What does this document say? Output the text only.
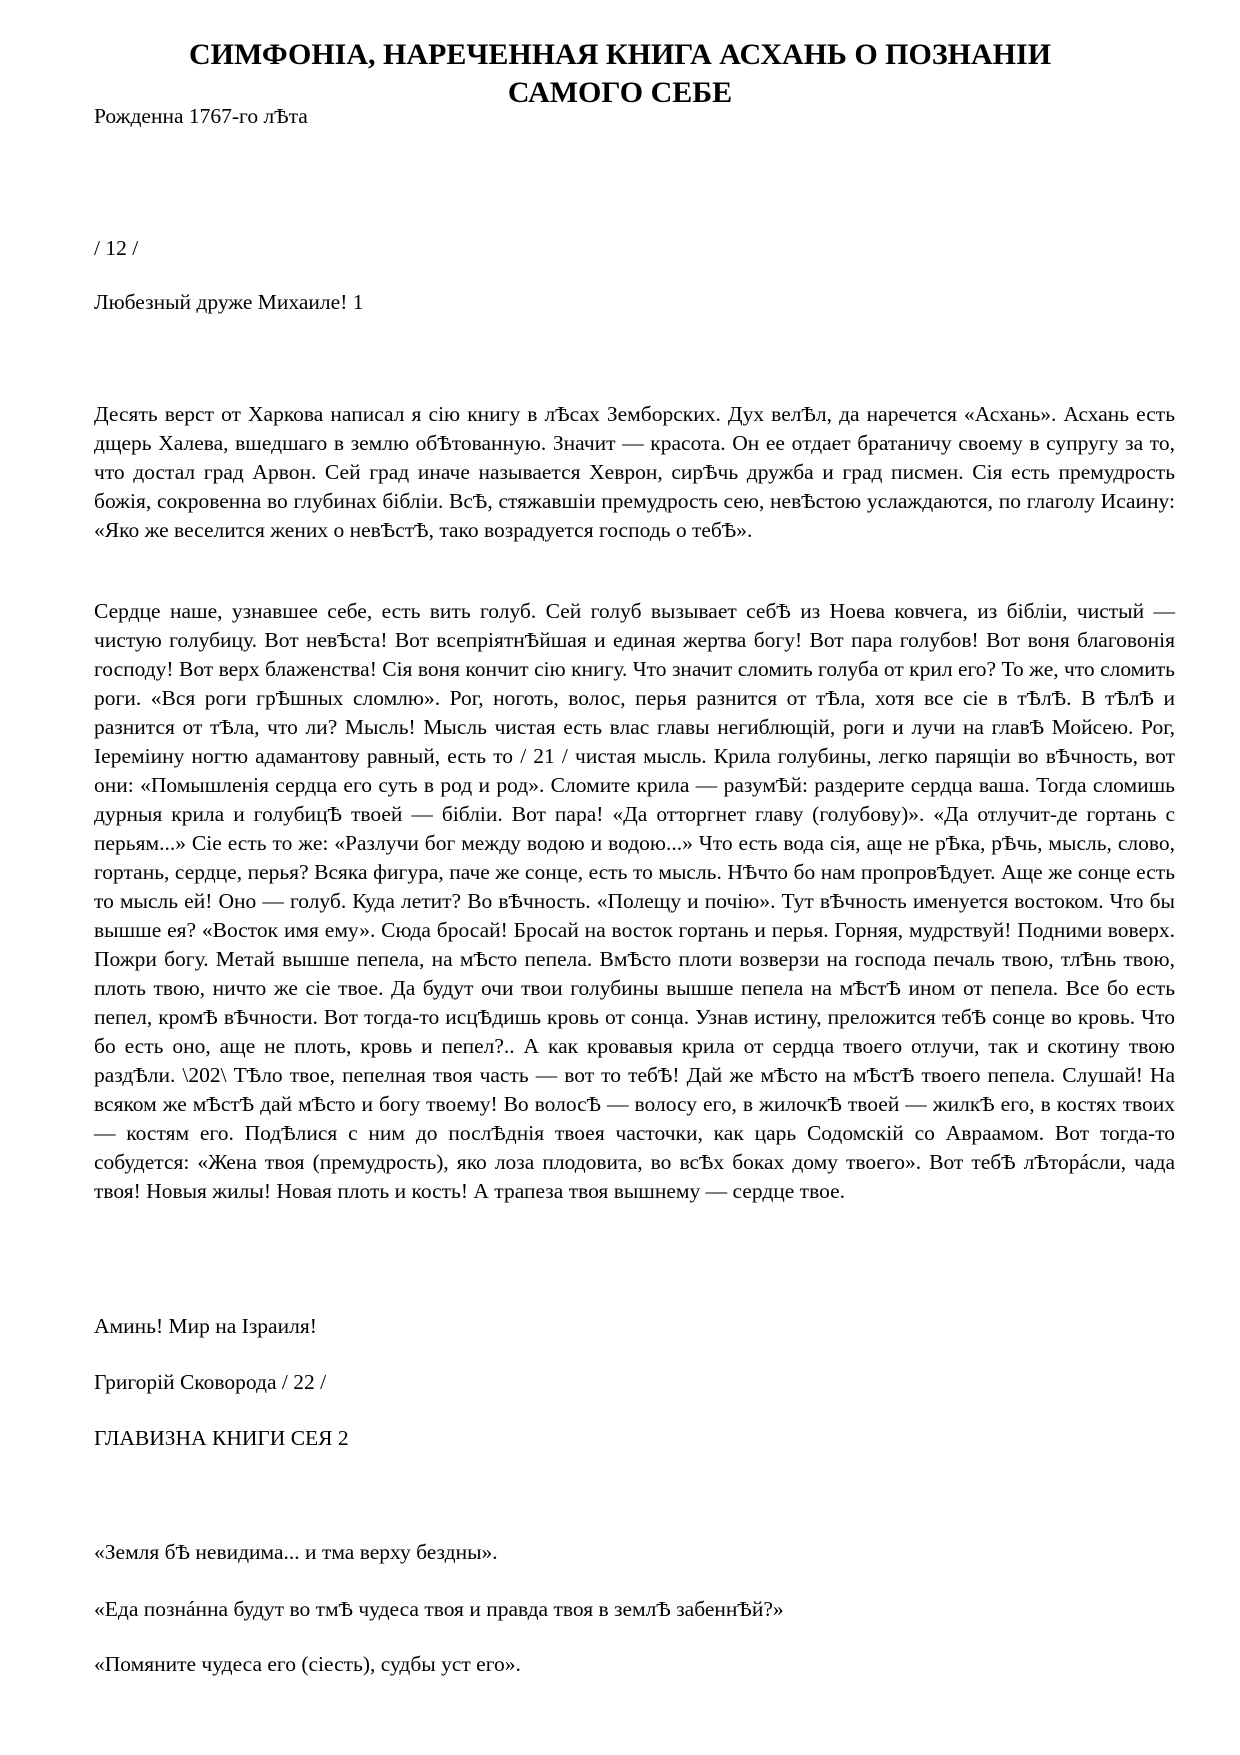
СИМФОНІА, НАРЕЧЕННАЯ КНИГА АСХАНЬ О ПОЗНАНІИ САМОГО СЕБЕ

Рожденна 1767-го лѢта

/ 12 /

Любезный друже Михаиле! 1

Десять верст от Харкова написал я сію книгу в лѢсах Земборских. Дух велѢл, да наречется «Асхань». Асхань есть дщерь Халева, вшедшаго в землю обѢтованную. Значит — красота. Он ее отдает братаничу своему в супругу за то, что достал град Арвон. Сей град иначе называется Хеврон, сирѢчь дружба и град писмен. Сія есть премудрость божія, сокровенна во глубинах бібліи. ВсѢ, стяжавшіи премудрость сею, невѢстою услаждаются, по глаголу Исаину: «Яко же веселится жених о невѢстѢ, тако возрадуется господь о тебѢ».

Сердце наше, узнавшее себе, есть вить голуб. Сей голуб вызывает себѢ из Ноева ковчега, из бібліи, чистый — чистую голубицу. Вот невѢста! Вот всепріятнѢйшая и единая жертва богу! Вот пара голубов! Вот воня благовонія господу! Вот верх блаженства! Сія воня кончит сію книгу. Что значит сломить голуба от крил его? То же, что сломить роги. «Вся роги грѢшных сломлю». Рог, ноготь, волос, перья разнится от тѢла, хотя все сіе в тѢлѢ. В тѢлѢ и разнится от тѢла, что ли? Мысль! Мысль чистая есть влас главы негиблющій, роги и лучи на главѢ Мойсею. Рог, Іереміину ногтю адамантову равный, есть то / 21 / чистая мысль. Крила голубины, легко парящіи во вѢчность, вот они: «Помышленія сердца его суть в род и род». Сломите крила — разумѢй: раздерите сердца ваша. Тогда сломишь дурныя крила и голубицѢ твоей — бібліи. Вот пара! «Да отторгнет главу (голубову)». «Да отлучит-де гортань с перьям...» Сіе есть то же: «Разлучи бог между водою и водою...» Что есть вода сія, аще не рѢка, рѢчь, мысль, слово, гортань, сердце, перья? Всяка фигура, паче же сонце, есть то мысль. НѢчто бо нам пропровѢдует. Аще же сонце есть то мысль ей! Оно — голуб. Куда летит? Во вѢчность. «Полещу и почію». Тут вѢчность именуется востоком. Что бы вышше ея? «Восток имя ему». Сюда бросай! Бросай на восток гортань и перья. Горняя, мудрствуй! Подними воверх. Пожри богу. Метай вышше пепела, на мѢсто пепела. ВмѢсто плоти возверзи на господа печаль твою, тлѢнь твою, плоть твою, ничто же сіе твое. Да будут очи твои голубины вышше пепела на мѢстѢ ином от пепела. Все бо есть пепел, кромѢ вѢчности. Вот тогда-то исцѢдишь кровь от сонца. Узнав истину, преложится тебѢ сонце во кровь. Что бо есть оно, аще не плоть, кровь и пепел?.. А как кровавыя крила от сердца твоего отлучи, так и скотину твою раздѢли. \202\ ТѢло твое, пепелная твоя часть — вот то тебѢ! Дай же мѢсто на мѢстѢ твоего пепела. Слушай! На всяком же мѢстѢ дай мѢсто и богу твоему! Во волосѢ — волосу его, в жилочкѢ твоей — жилкѢ его, в костях твоих — костям его. ПодѢлися с ним до послѢднія твоея часточки, как царь Содомскій со Авраамом. Вот тогда-то собудется: «Жена твоя (премудрость), яко лоза плодовита, во всѢх боках дому твоего». Вот тебѢ лѢторáсли, чада твоя! Новыя жилы! Новая плоть и кость! А трапеза твоя вышнему — сердце твое.

Аминь! Мир на Ізраиля!

Григорій Сковорода / 22 /

ГЛАВИЗНА КНИГИ СЕЯ 2

«Земля бѢ невидима... и тма верху бездны».

«Еда познáнна будут во тмѢ чудеса твоя и правда твоя в землѢ забеннѢй?»

«Помяните чудеса его (сіесть), судбы уст его».
